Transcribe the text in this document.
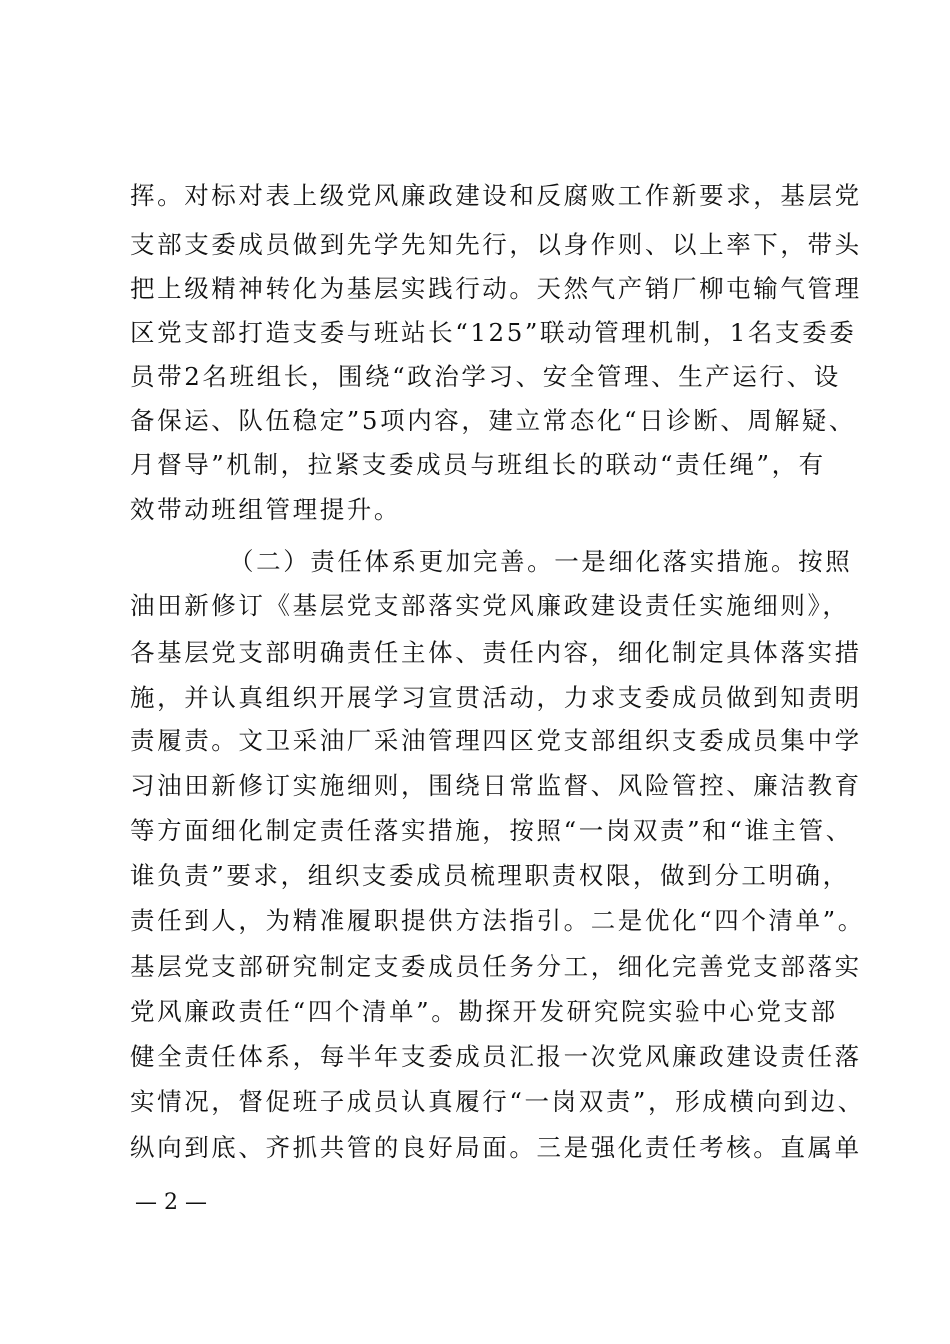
挥。对标对表上级党风廉政建设和反腐败工作新要求，基层党
支部支委成员做到先学先知先行，以身作则、以上率下，带头
把上级精神转化为基层实践行动。天然气产销厂柳屯输气管理
区党支部打造支委与班站长“125”联动管理机制，1名支委委
员带2名班组长，围绕“政治学习、安全管理、生产运行、设
备保运、队伍稳定”5项内容，建立常态化“日诊断、周解疑、
月督导”机制，拉紧支委成员与班组长的联动“责任绳”，有
效带动班组管理提升。
（二）责任体系更加完善。一是细化落实措施。按照
油田新修订《基层党支部落实党风廉政建设责任实施细则》，
各基层党支部明确责任主体、责任内容，细化制定具体落实措
施，并认真组织开展学习宣贯活动，力求支委成员做到知责明
责履责。文卫采油厂采油管理四区党支部组织支委成员集中学
习油田新修订实施细则，围绕日常监督、风险管控、廉洁教育
等方面细化制定责任落实措施，按照“一岗双责”和“谁主管、
谁负责”要求，组织支委成员梳理职责权限，做到分工明确，
责任到人，为精准履职提供方法指引。二是优化“四个清单”。
基层党支部研究制定支委成员任务分工，细化完善党支部落实
党风廉政责任“四个清单”。勘探开发研究院实验中心党支部
健全责任体系，每半年支委成员汇报一次党风廉政建设责任落
实情况，督促班子成员认真履行“一岗双责”，形成横向到边、
纵向到底、齐抓共管的良好局面。三是强化责任考核。直属单
— 2 —
